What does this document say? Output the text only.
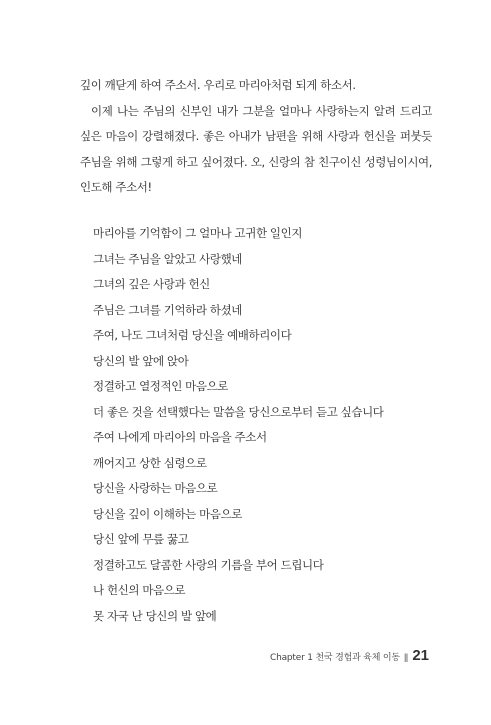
깊이 깨닫게 하여 주소서. 우리로 마리아처럼 되게 하소서.

이제 나는 주님의 신부인 내가 그분을 얼마나 사랑하는지 알려 드리고 싶은 마음이 강렬해졌다. 좋은 아내가 남편을 위해 사랑과 헌신을 퍼붓듯 주님을 위해 그렇게 하고 싶어졌다. 오, 신랑의 참 친구이신 성령님이시여, 인도해 주소서!

마리아를 기억함이 그 얼마나 고귀한 일인지
그녀는 주님을 알았고 사랑했네
그녀의 깊은 사랑과 헌신
주님은 그녀를 기억하라 하셨네
주여, 나도 그녀처럼 당신을 예배하리이다
당신의 발 앞에 앉아
정결하고 열정적인 마음으로
더 좋은 것을 선택했다는 말씀을 당신으로부터 듣고 싶습니다
주여 나에게 마리아의 마음을 주소서
깨어지고 상한 심령으로
당신을 사랑하는 마음으로
당신을 깊이 이해하는 마음으로
당신 앞에 무릎 꿇고
정결하고도 달콤한 사랑의 기름을 부어 드립니다
나 헌신의 마음으로
못 자국 난 당신의 발 앞에
Chapter 1 천국 경험과 육체 이동 ǁ 21
